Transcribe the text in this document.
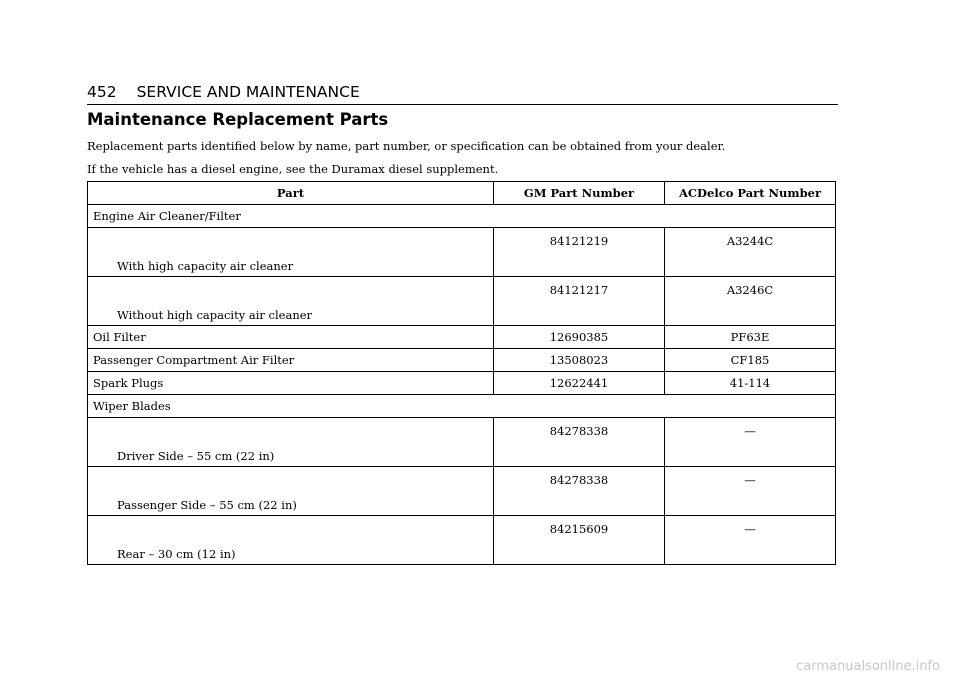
452 SERVICE AND MAINTENANCE
Maintenance Replacement Parts
Replacement parts identified below by name, part number, or specification can be obtained from your dealer.
If the vehicle has a diesel engine, see the Duramax diesel supplement.
Part	GM Part Number	ACDelco Part Number
Engine Air Cleaner/Filter		
With high capacity air cleaner	84121219	A3244C
Without high capacity air cleaner	84121217	A3246C
Oil Filter	12690385	PF63E
Passenger Compartment Air Filter	13508023	CF185
Spark Plugs	12622441	41-114
Wiper Blades		
Driver Side – 55 cm (22 in)	84278338	—
Passenger Side – 55 cm (22 in)	84278338	—
Rear – 30 cm (12 in)	84215609	—
carmanualsonline.info
